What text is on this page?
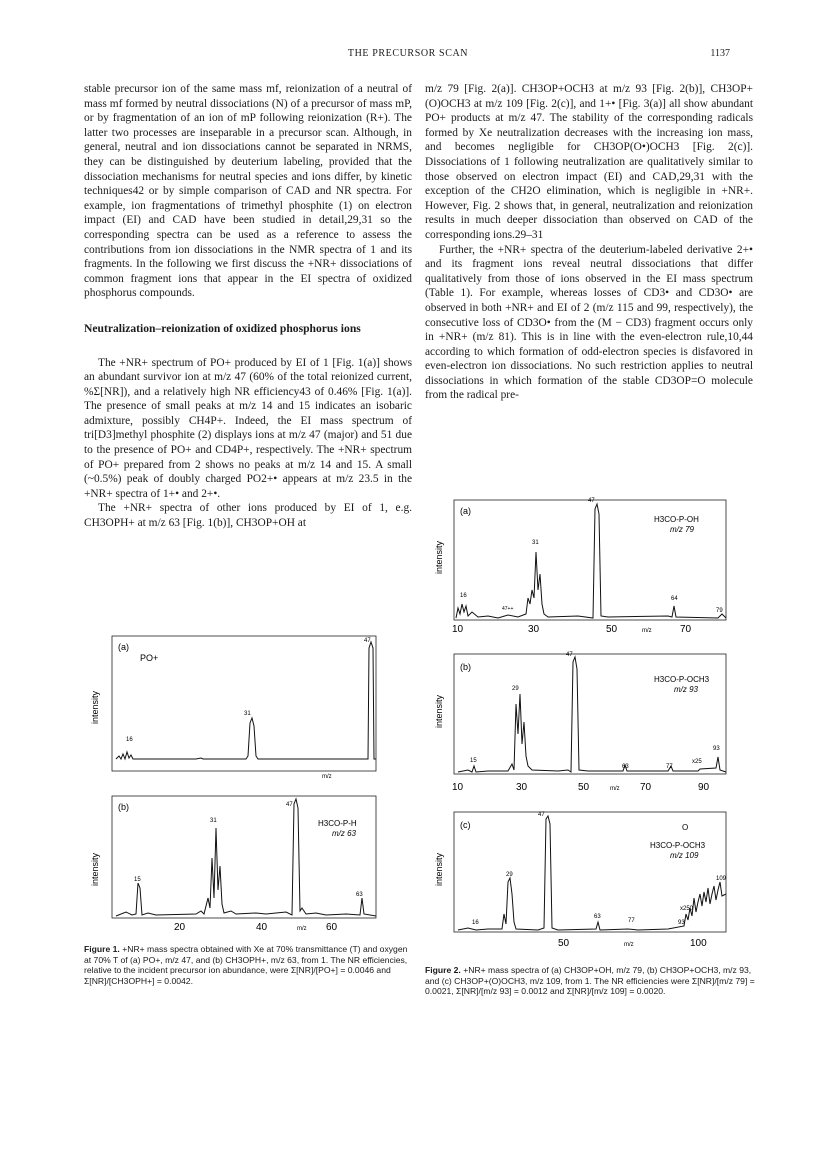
THE PRECURSOR SCAN	1137

stable precursor ion of the same mass mf, reionization of a neutral of mass mf formed by neutral dissociations (N) of a precursor of mass mP, or by fragmentation of an ion of mP following reionization (R+). The latter two processes are inseparable in a precursor scan. Although, in general, neutral and ion dissociations cannot be separated in NRMS, they can be distinguished by deuterium labeling, provided that the dissociation mechanisms for neutral species and ions differ, by kinetic techniques42 or by simple comparison of CAD and NR spectra. For example, ion fragmentations of trimethyl phosphite (1) on electron impact (EI) and CAD have been studied in detail,29,31 so the corresponding spectra can be used as a reference to assess the contributions from ion dissociations in the NMR spectra of 1 and its fragments. In the following we first discuss the +NR+ dissociations of common fragment ions that appear in the EI spectra of oxidized phosphorus compounds.

Neutralization–reionization of oxidized phosphorus ions

The +NR+ spectrum of PO+ produced by EI of 1 [Fig. 1(a)] shows an abundant survivor ion at m/z 47 (60% of the total reionized current, %Σ[NR]), and a relatively high NR efficiency43 of 0.46% [Fig. 1(a)]. The presence of small peaks at m/z 14 and 15 indicates an isobaric admixture, possibly CH4P+. Indeed, the EI mass spectrum of tri[D3]methyl phosphite (2) displays ions at m/z 47 (major) and 51 due to the presence of PO+ and CD4P+, respectively. The +NR+ spectrum of PO+ prepared from 2 shows no peaks at m/z 14 and 15. A small (~0.5%) peak of doubly charged PO2+• appears at m/z 23.5 in the +NR+ spectra of 1+• and 2+•.

The +NR+ spectra of other ions produced by EI of 1, e.g. CH3OPH+ at m/z 63 [Fig. 1(b)], CH3OP+OH at

m/z 79 [Fig. 2(a)]. CH3OP+OCH3 at m/z 93 [Fig. 2(b)], CH3OP+(O)OCH3 at m/z 109 [Fig. 2(c)], and 1+• [Fig. 3(a)] all show abundant PO+ products at m/z 47. The stability of the corresponding radicals formed by Xe neutralization decreases with the increasing ion mass, and becomes negligible for CH3OP(O•)OCH3 [Fig. 2(c)]. Dissociations of 1 following neutralization are qualitatively similar to those observed on electron impact (EI) and CAD,29,31 with the exception of the CH2O elimination, which is negligible in +NR+. However, Fig. 2 shows that, in general, neutralization and reionization results in much deeper dissociation than observed on CAD of the corresponding ions.29–31

Further, the +NR+ spectra of the deuterium-labeled derivative 2+• and its fragment ions reveal neutral dissociations that differ qualitatively from those of ions observed in the EI mass spectrum (Table 1). For example, whereas losses of CD3• and CD3O• are observed in both +NR+ and EI of 2 (m/z 115 and 99, respectively), the consecutive loss of CD3O• from the (M − CD3) fragment occurs only in +NR+ (m/z 81). This is in line with the even-electron rule,10,44 according to which formation of odd-electron species is disfavored in even-electron ion dissociations. No such restriction applies to neutral dissociations in which formation of the stable CD3OP=O molecule from the radical pre-

(a)
PO+
intensity
m/z
16
31
47
(b)
H3CO-P-H
m/z 63
intensity	15
31
47
63
20	40	60
m/z
(a)
H3CO-P-OH
m/z 79
intensity
16
31
47++
47
64
79
10	30	50	70
m/z
(b)
H3CO-P-OCH3
m/z 93
intensity
15
29
47
63	77
93
x25
10	30	50	70	90
m/z
(c)	O
H3CO-P-OCH3
m/z 109
intensity
16
29
47
63
77	93
109
x250
50	100
m/z
Figure 1. +NR+ mass spectra obtained with Xe at 70% transmittance (T) and oxygen at 70% T of (a) PO+, m/z 47, and (b) CH3OPH+, m/z 63, from 1. The NR efficiencies, relative to the incident precursor ion abundance, were Σ[NR]/[PO+] = 0.0046 and Σ[NR]/[CH3OPH+] = 0.0042.
Figure 2. +NR+ mass spectra of (a) CH3OP+OH, m/z 79, (b) CH3OP+OCH3, m/z 93, and (c) CH3OP+(O)OCH3, m/z 109, from 1. The NR efficiencies were Σ[NR]/[m/z 79] = 0.0021, Σ[NR]/[m/z 93] = 0.0012 and Σ[NR]/[m/z 109] = 0.0020.
